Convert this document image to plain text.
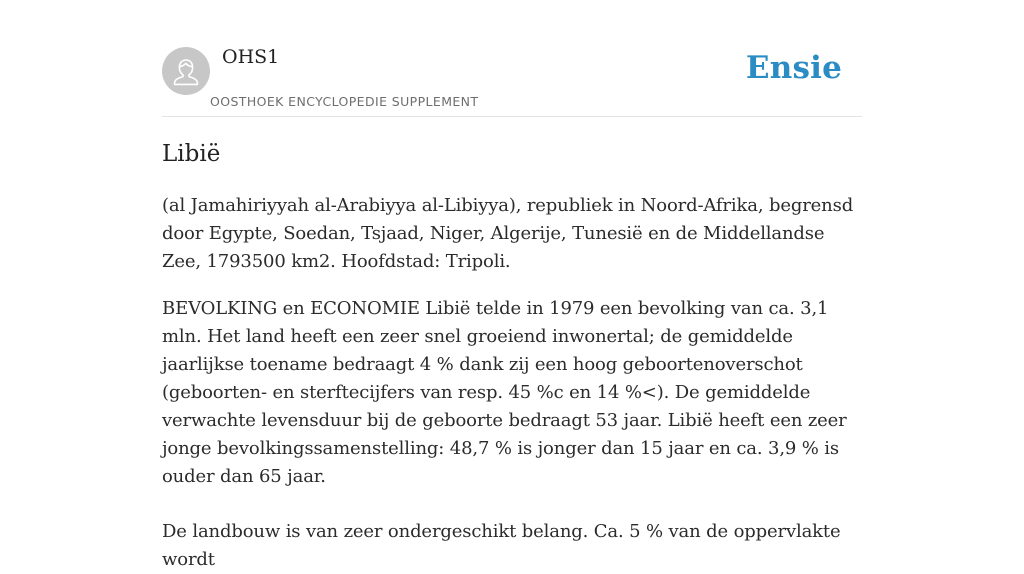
OHS1
OOSTHOEK ENCYCLOPEDIE SUPPLEMENT
Ensie
Libië

(al Jamahiriyyah al-Arabiyya al-Libiyya), republiek in Noord-Afrika, begrensd door Egypte, Soedan, Tsjaad, Niger, Algerije, Tunesië en de Middellandse Zee, 1793500 km2. Hoofdstad: Tripoli.

BEVOLKING en ECONOMIE Libië telde in 1979 een bevolking van ca. 3,1 mln. Het land heeft een zeer snel groeiend inwonertal; de gemiddelde jaarlijkse toename bedraagt 4 % dank zij een hoog geboortenoverschot (geboorten- en sterftecijfers van resp. 45 %c en 14 %<). De gemiddelde verwachte levensduur bij de geboorte bedraagt 53 jaar. Libië heeft een zeer jonge bevolkingssamenstelling: 48,7 % is jonger dan 15 jaar en ca. 3,9 % is ouder dan 65 jaar.

De landbouw is van zeer ondergeschikt belang. Ca. 5 % van de oppervlakte wordt
